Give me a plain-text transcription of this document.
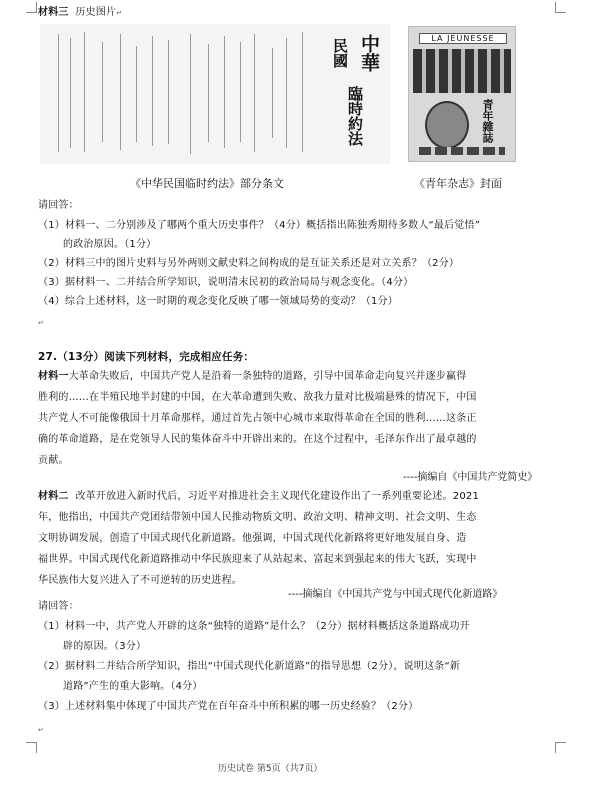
材料三 历史图片↵
中華
民國
臨時約法
LA JEUNESSE
青年雜誌
《中华民国临时约法》部分条文	《青年杂志》封面
请回答：
（1）材料一、二分别涉及了哪两个重大历史事件？（4分）概括指出陈独秀期待多数人“最后觉悟”
的政治原因。（1分）
（2）材料三中的图片史料与另外两则文献史料之间构成的是互证关系还是对立关系？（2分）
（3）据材料一、二并结合所学知识，说明清末民初的政治局局与观念变化。（4分）
（4）综合上述材料，这一时期的观念变化反映了哪一领域局势的变动？（1分）
↵
27.（13分）阅读下列材料，完成相应任务：
材料一大革命失败后，中国共产党人是沿着一条独特的道路，引导中国革命走向复兴并逐步赢得
胜利的……在半殖民地半封建的中国，在大革命遭到失败、敌我力量对比极端悬殊的情况下，中国
共产党人不可能像俄国十月革命那样，通过首先占领中心城市来取得革命在全国的胜利……这条正
确的革命道路，是在党领导人民的集体奋斗中开辟出来的。在这个过程中，毛泽东作出了最卓越的
贡献。
----摘编自《中国共产党简史》
材料二 改革开放进入新时代后，习近平对推进社会主义现代化建设作出了一系列重要论述。2021
年，他指出，中国共产党团结带领中国人民推动物质文明、政治文明、精神文明、社会文明、生态
文明协调发展，创造了中国式现代化新道路。他强调，中国式现代化新路将更好地发展自身、造
福世界。中国式现代化新道路推动中华民族迎来了从站起来、富起来到强起来的伟大飞跃，实现中
华民族伟大复兴进入了不可逆转的历史进程。
----摘编自《中国共产党与中国式现代化新道路》
请回答：
（1）材料一中，共产党人开辟的这条“独特的道路”是什么？（2分）据材料概括这条道路成功开
辟的原因。（3分）
（2）据材料二并结合所学知识，指出“中国式现代化新道路”的指导思想（2分），说明这条“新
道路”产生的重大影响。（4分）
（3）上述材料集中体现了中国共产党在百年奋斗中所积累的哪一历史经验？（2分）
↵
历史试卷 第5页（共7页）
